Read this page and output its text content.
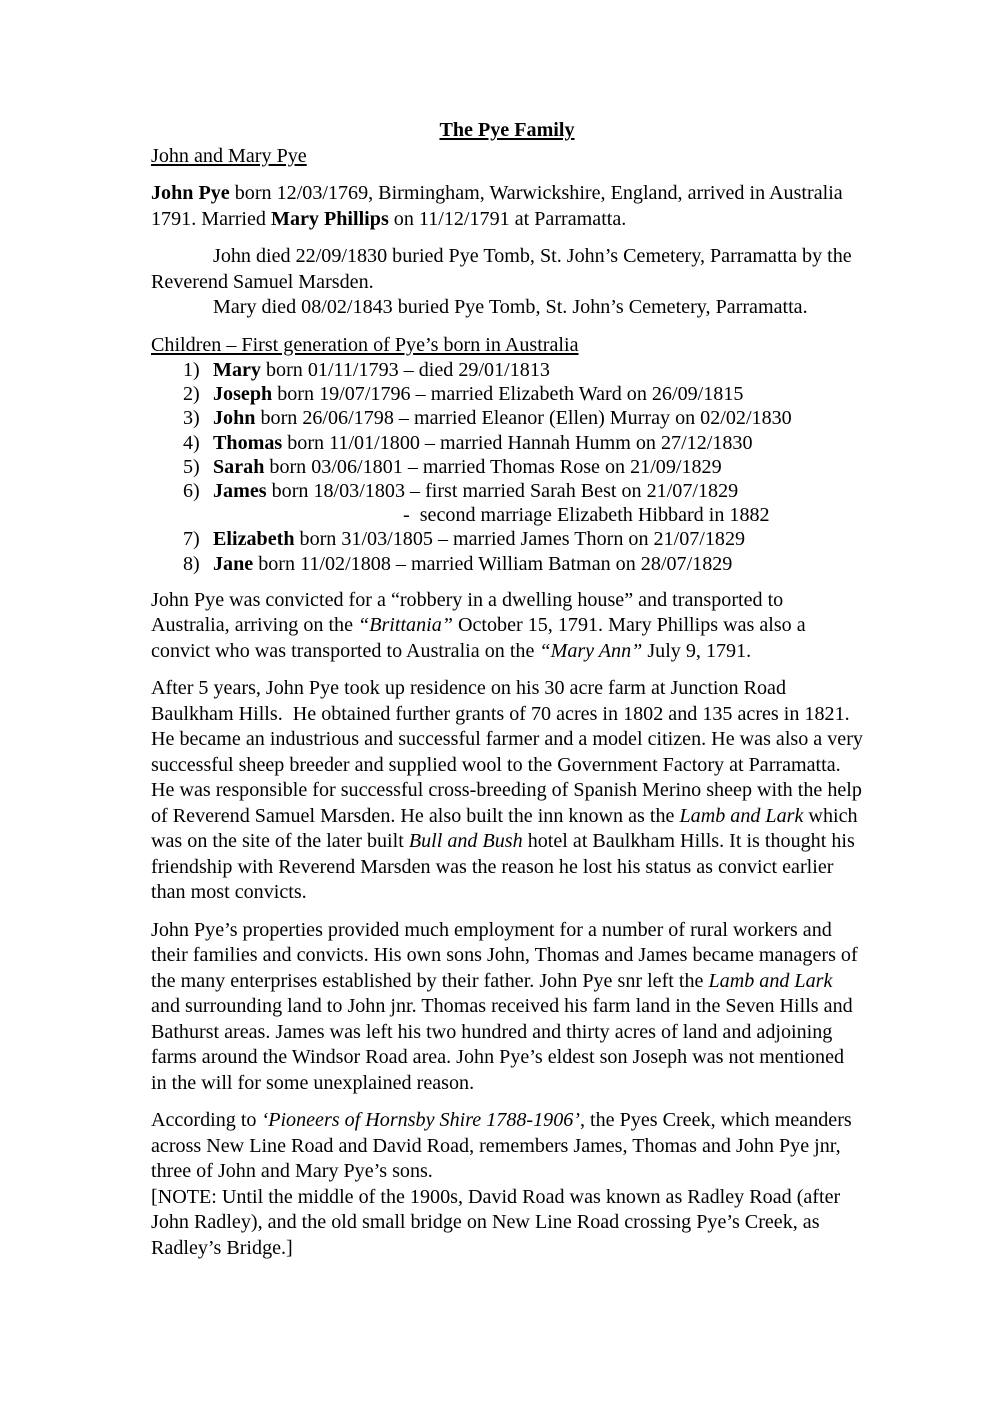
The Pye Family

John and Mary Pye

John Pye born 12/03/1769, Birmingham, Warwickshire, England, arrived in Australia 1791. Married Mary Phillips on 11/12/1791 at Parramatta.

John died 22/09/1830 buried Pye Tomb, St. John’s Cemetery, Parramatta by the Reverend Samuel Marsden.

Mary died 08/02/1843 buried Pye Tomb, St. John’s Cemetery, Parramatta.

Children – First generation of Pye’s born in Australia

1) Mary born 01/11/1793 – died 29/01/1813
2) Joseph born 19/07/1796 – married Elizabeth Ward on 26/09/1815
3) John born 26/06/1798 – married Eleanor (Ellen) Murray on 02/02/1830
4) Thomas born 11/01/1800 – married Hannah Humm on 27/12/1830
5) Sarah born 03/06/1801 – married Thomas Rose on 21/09/1829
6) James born 18/03/1803 – first married Sarah Best on 21/07/1829
-  second marriage Elizabeth Hibbard in 1882
7) Elizabeth born 31/03/1805 – married James Thorn on 21/07/1829
8) Jane born 11/02/1808 – married William Batman on 28/07/1829

John Pye was convicted for a “robbery in a dwelling house” and transported to Australia, arriving on the “Brittania” October 15, 1791. Mary Phillips was also a convict who was transported to Australia on the “Mary Ann” July 9, 1791.

After 5 years, John Pye took up residence on his 30 acre farm at Junction Road Baulkham Hills.  He obtained further grants of 70 acres in 1802 and 135 acres in 1821. He became an industrious and successful farmer and a model citizen. He was also a very successful sheep breeder and supplied wool to the Government Factory at Parramatta. He was responsible for successful cross-breeding of Spanish Merino sheep with the help of Reverend Samuel Marsden. He also built the inn known as the Lamb and Lark which was on the site of the later built Bull and Bush hotel at Baulkham Hills. It is thought his friendship with Reverend Marsden was the reason he lost his status as convict earlier than most convicts.

John Pye’s properties provided much employment for a number of rural workers and their families and convicts. His own sons John, Thomas and James became managers of the many enterprises established by their father. John Pye snr left the Lamb and Lark and surrounding land to John jnr. Thomas received his farm land in the Seven Hills and Bathurst areas. James was left his two hundred and thirty acres of land and adjoining farms around the Windsor Road area. John Pye’s eldest son Joseph was not mentioned in the will for some unexplained reason.

According to ‘Pioneers of Hornsby Shire 1788-1906’, the Pyes Creek, which meanders across New Line Road and David Road, remembers James, Thomas and John Pye jnr, three of John and Mary Pye’s sons.

[NOTE: Until the middle of the 1900s, David Road was known as Radley Road (after John Radley), and the old small bridge on New Line Road crossing Pye’s Creek, as Radley’s Bridge.]
